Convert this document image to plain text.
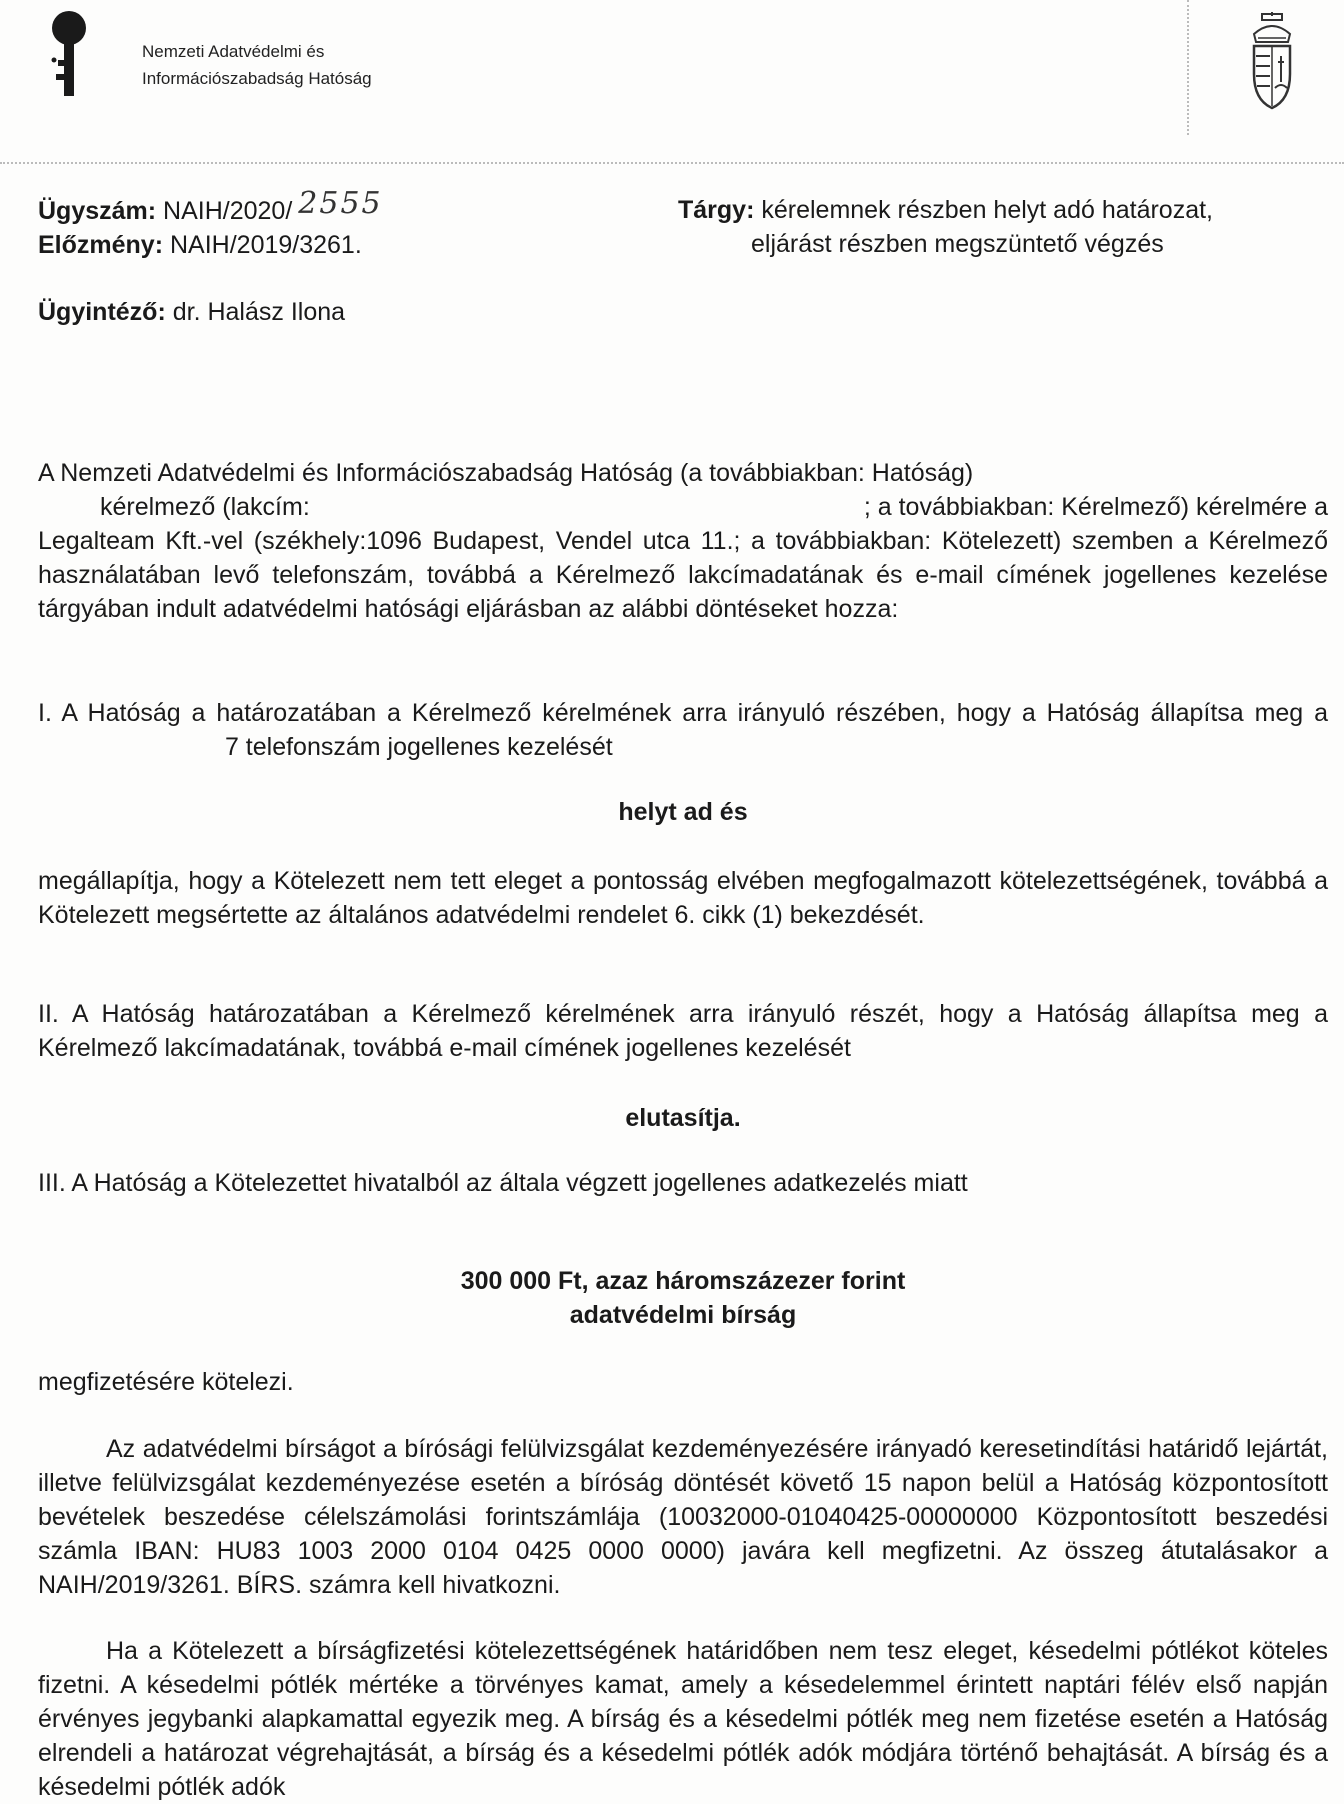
Nemzeti Adatvédelmi és
Információszabadság Hatóság
Ügyszám: NAIH/2020/ 2555
Előzmény: NAIH/2019/3261.
Tárgy: kérelemnek részben helyt adó határozat,
eljárást részben megszüntető végzés
Ügyintéző: dr. Halász Ilona
A Nemzeti Adatvédelmi és Információszabadság Hatóság (a továbbiakban: Hatóság)
kérelmező (lakcím:	; a továbbiakban: Kérelmező) kérelmére a
Legalteam Kft.-vel (székhely:1096 Budapest, Vendel utca 11.; a továbbiakban: Kötelezett) szemben a Kérelmező használatában levő telefonszám, továbbá a Kérelmező lakcímadatának és e-mail címének jogellenes kezelése tárgyában indult adatvédelmi hatósági eljárásban az alábbi döntéseket hozza:
I. A Hatóság a határozatában a Kérelmező kérelmének arra irányuló részében, hogy a Hatóság állapítsa meg a  7 telefonszám jogellenes kezelését
helyt ad és
megállapítja, hogy a Kötelezett nem tett eleget a pontosság elvében megfogalmazott kötelezettségének, továbbá a Kötelezett megsértette az általános adatvédelmi rendelet 6. cikk (1) bekezdését.
II. A Hatóság határozatában a Kérelmező kérelmének arra irányuló részét, hogy a Hatóság állapítsa meg a Kérelmező lakcímadatának, továbbá e-mail címének jogellenes kezelését
elutasítja.
III. A Hatóság a Kötelezettet hivatalból az általa végzett jogellenes adatkezelés miatt
300 000 Ft, azaz háromszázezer forint
adatvédelmi bírság
megfizetésére kötelezi.
Az adatvédelmi bírságot a bírósági felülvizsgálat kezdeményezésére irányadó keresetindítási határidő lejártát, illetve felülvizsgálat kezdeményezése esetén a bíróság döntését követő 15 napon belül a Hatóság központosított bevételek beszedése célelszámolási forintszámlája (10032000-01040425-00000000 Központosított beszedési számla IBAN: HU83 1003 2000 0104 0425 0000 0000) javára kell megfizetni. Az összeg átutalásakor a NAIH/2019/3261. BÍRS. számra kell hivatkozni.
Ha a Kötelezett a bírságfizetési kötelezettségének határidőben nem tesz eleget, késedelmi pótlékot köteles fizetni. A késedelmi pótlék mértéke a törvényes kamat, amely a késedelemmel érintett naptári félév első napján érvényes jegybanki alapkamattal egyezik meg. A bírság és a késedelmi pótlék meg nem fizetése esetén a Hatóság elrendeli a határozat végrehajtását, a bírság és a késedelmi pótlék adók módjára történő behajtását. A bírság és a késedelmi pótlék adók
